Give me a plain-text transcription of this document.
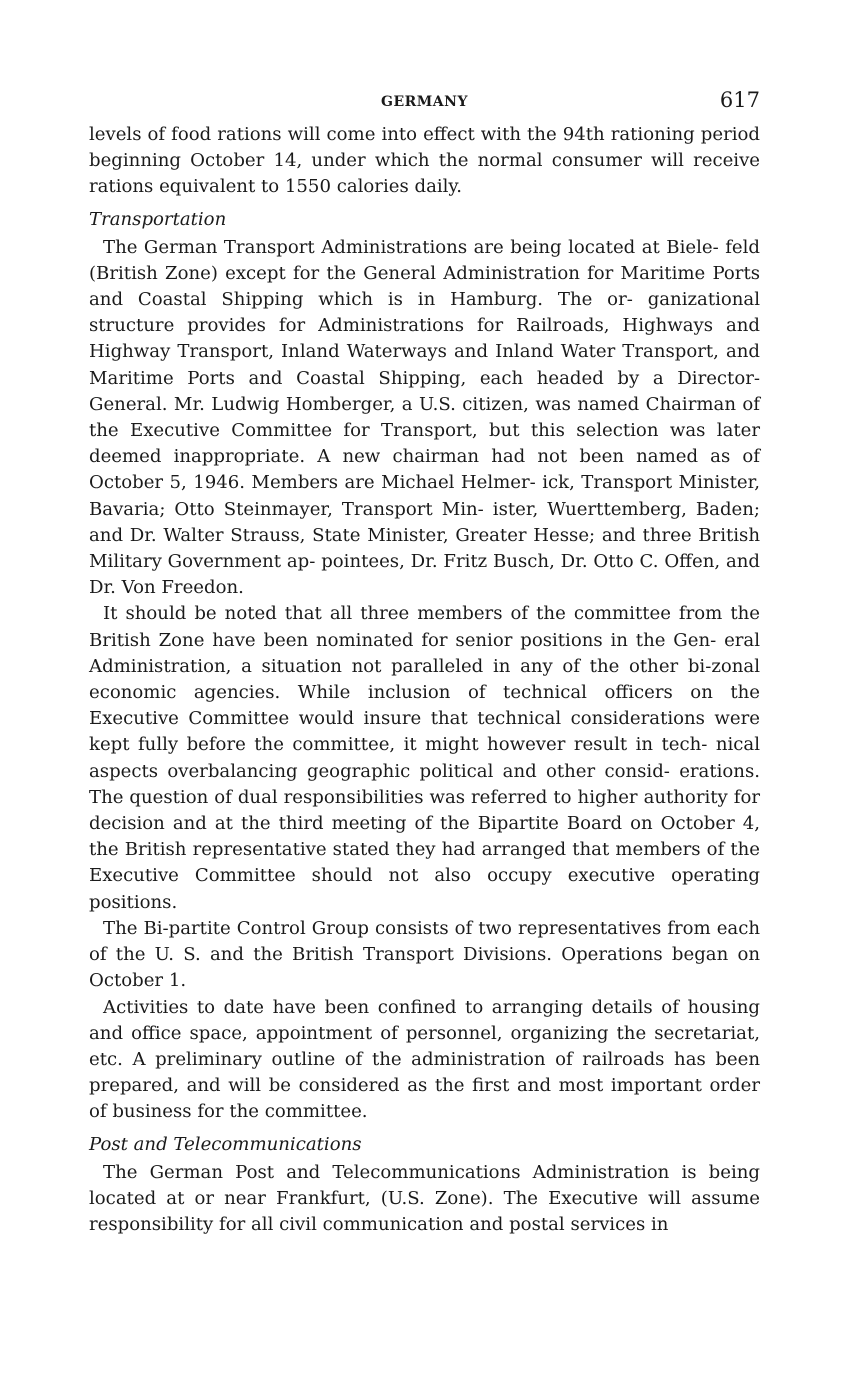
GERMANY	617

levels of food rations will come into effect with the 94th rationing period beginning October 14, under which the normal consumer will receive rations equivalent to 1550 calories daily.

Transportation

The German Transport Administrations are being located at Biele- feld (British Zone) except for the General Administration for Maritime Ports and Coastal Shipping which is in Hamburg. The or- ganizational structure provides for Administrations for Railroads, Highways and Highway Transport, Inland Waterways and Inland Water Transport, and Maritime Ports and Coastal Shipping, each headed by a Director-General. Mr. Ludwig Homberger, a U.S. citizen, was named Chairman of the Executive Committee for Transport, but this selection was later deemed inappropriate. A new chairman had not been named as of October 5, 1946. Members are Michael Helmer- ick, Transport Minister, Bavaria; Otto Steinmayer, Transport Min- ister, Wuerttemberg, Baden; and Dr. Walter Strauss, State Minister, Greater Hesse; and three British Military Government ap- pointees, Dr. Fritz Busch, Dr. Otto C. Offen, and Dr. Von Freedon.

It should be noted that all three members of the committee from the British Zone have been nominated for senior positions in the Gen- eral Administration, a situation not paralleled in any of the other bi-zonal economic agencies. While inclusion of technical officers on the Executive Committee would insure that technical considerations were kept fully before the committee, it might however result in tech- nical aspects overbalancing geographic political and other consid- erations. The question of dual responsibilities was referred to higher authority for decision and at the third meeting of the Bipartite Board on October 4, the British representative stated they had arranged that members of the Executive Committee should not also occupy executive operating positions.

The Bi-partite Control Group consists of two representatives from each of the U. S. and the British Transport Divisions. Operations began on October 1.

Activities to date have been confined to arranging details of housing and office space, appointment of personnel, organizing the secretariat, etc. A preliminary outline of the administration of railroads has been prepared, and will be considered as the first and most important order of business for the committee.

Post and Telecommunications

The German Post and Telecommunications Administration is being located at or near Frankfurt, (U.S. Zone). The Executive will assume responsibility for all civil communication and postal services in
